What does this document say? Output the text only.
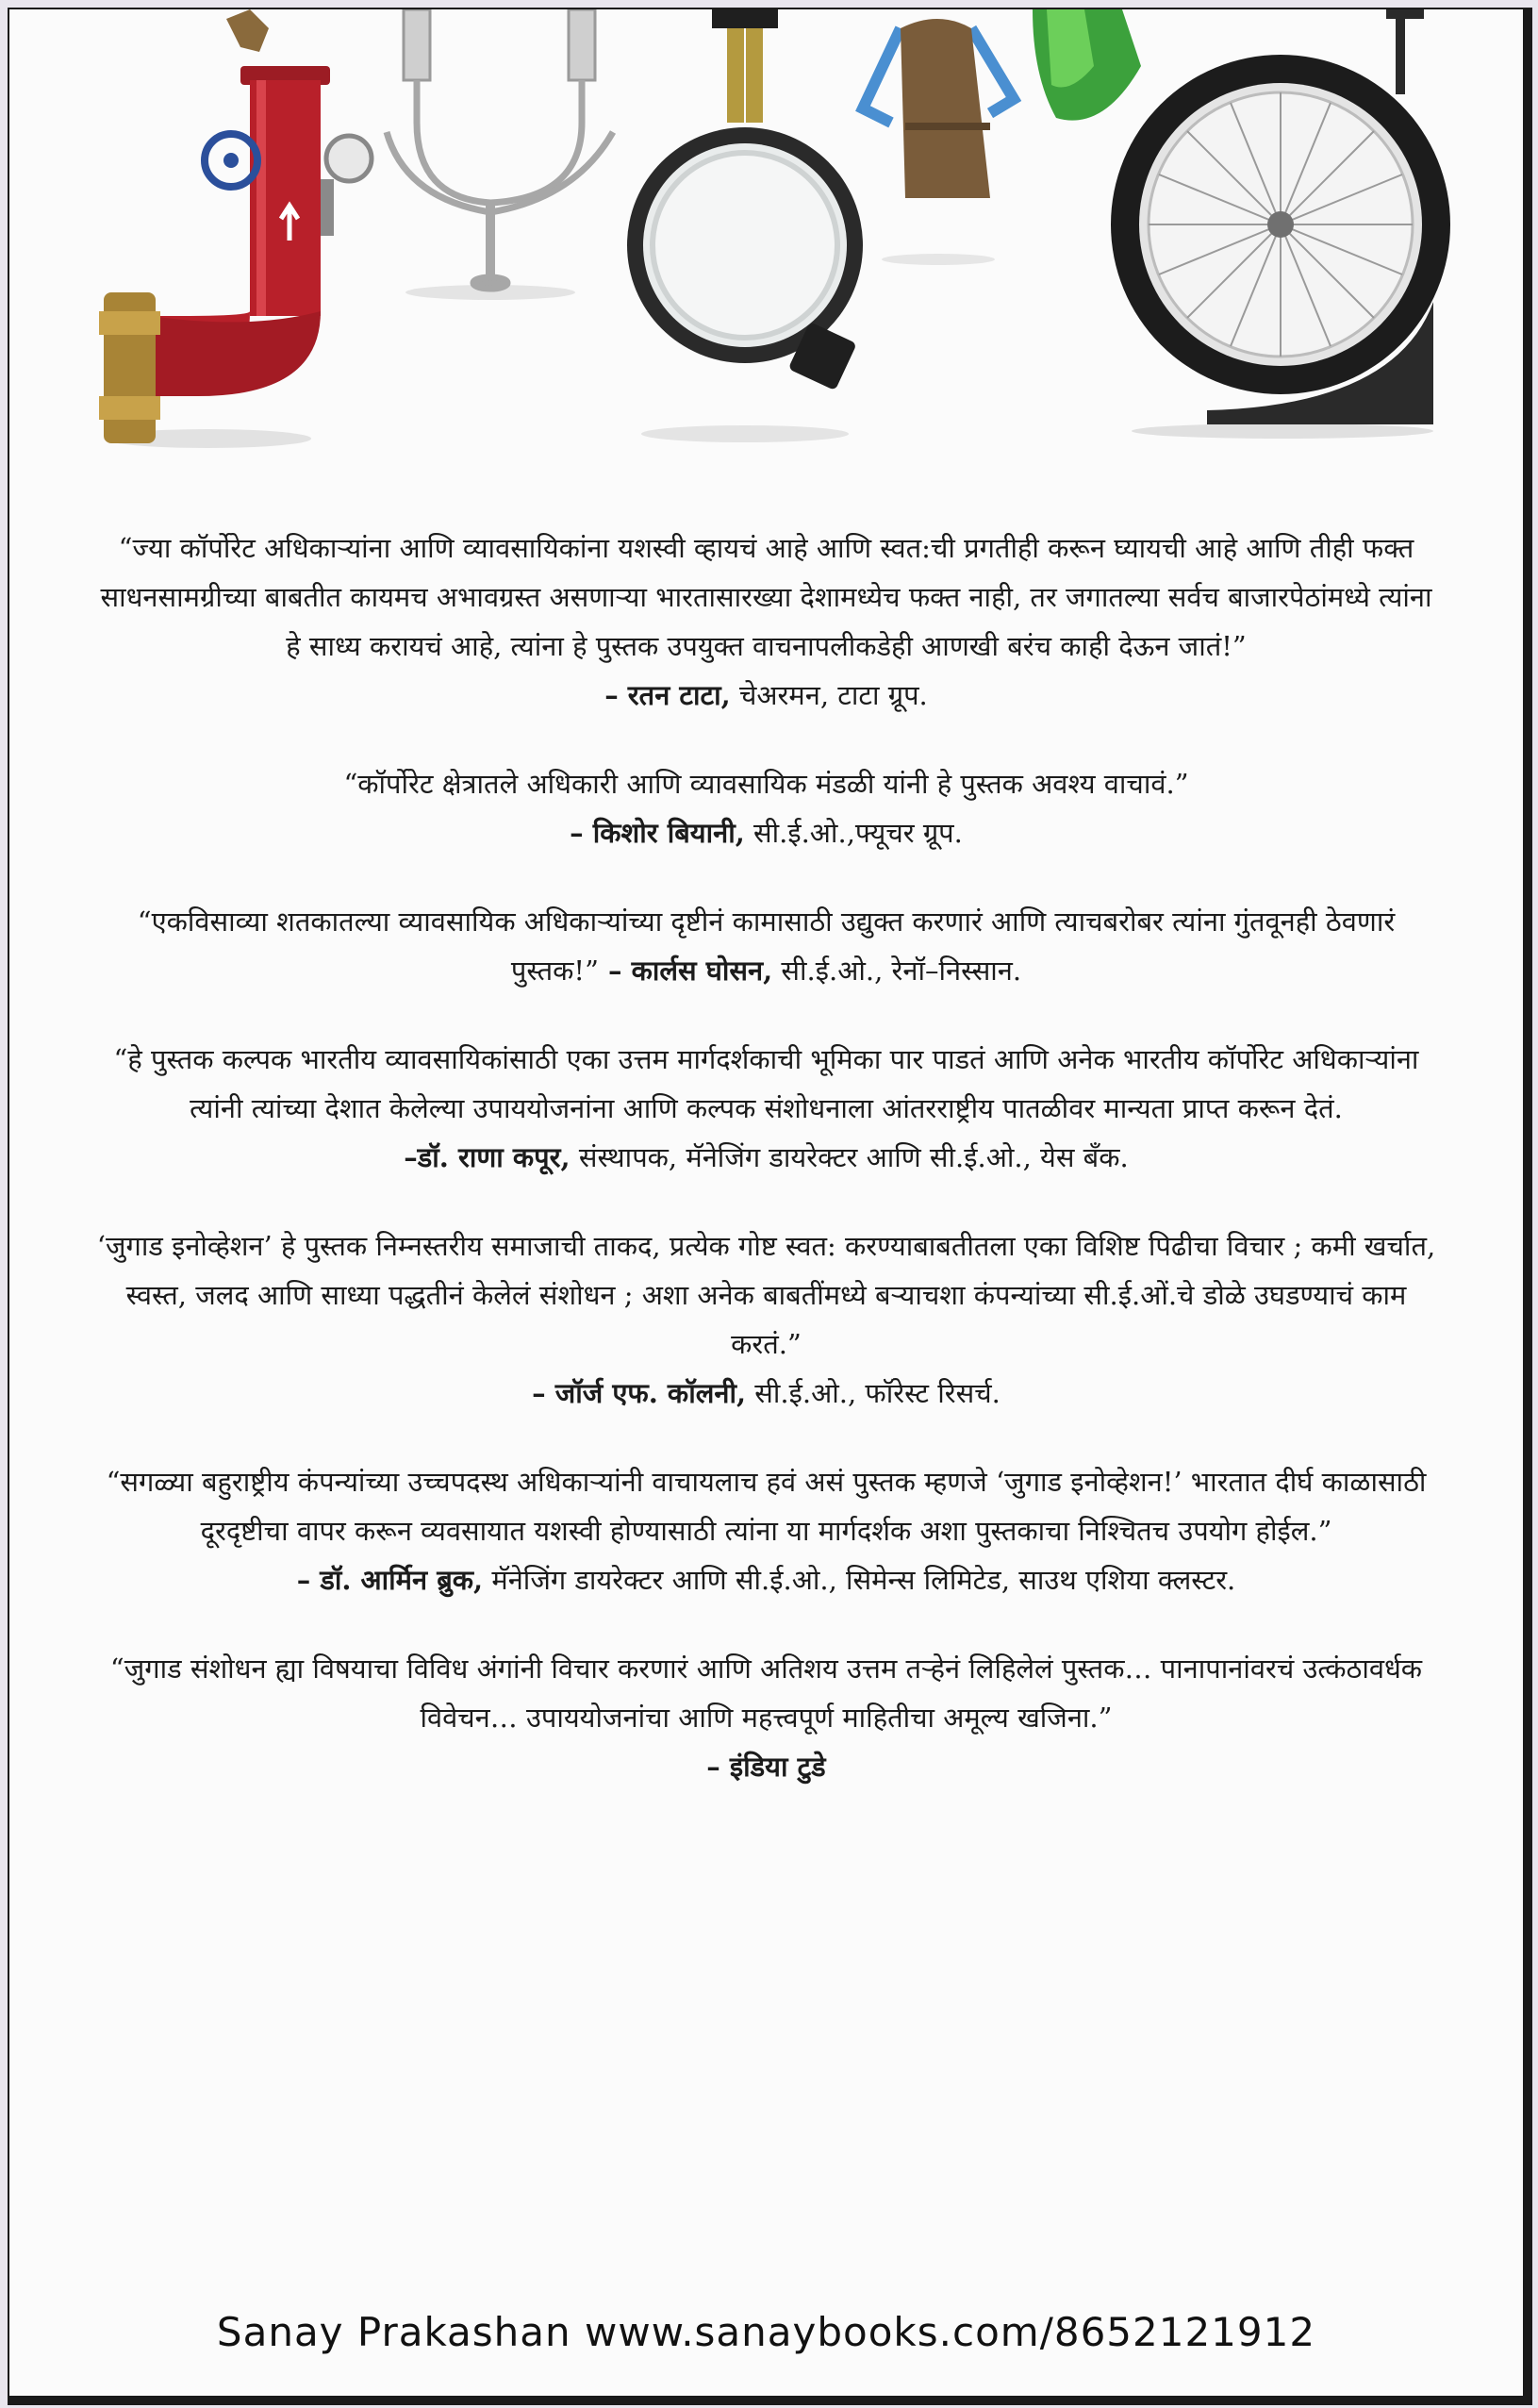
“ज्या कॉर्पोरेट अधिकाऱ्यांना आणि व्यावसायिकांना यशस्वी व्हायचं आहे आणि स्वत:ची प्रगतीही करून घ्यायची आहे आणि तीही फक्त साधनसामग्रीच्या बाबतीत कायमच अभावग्रस्त असणाऱ्या भारतासारख्या देशामध्येच फक्त नाही, तर जगातल्या सर्वच बाजारपेठांमध्ये त्यांना हे साध्य करायचं आहे, त्यांना हे पुस्तक उपयुक्त वाचनापलीकडेही आणखी बरंच काही देऊन जातं!”
– रतन टाटा, चेअरमन, टाटा ग्रूप.
“कॉर्पोरेट क्षेत्रातले अधिकारी आणि व्यावसायिक मंडळी यांनी हे पुस्तक अवश्य वाचावं.”
– किशोर बियानी, सी.ई.ओ.,फ्यूचर ग्रूप.
“एकविसाव्या शतकातल्या व्यावसायिक अधिकाऱ्यांच्या दृष्टीनं कामासाठी उद्युक्त करणारं आणि त्याचबरोबर त्यांना गुंतवूनही ठेवणारं पुस्तक!” – कार्लस घोसन, सी.ई.ओ., रेनॉ–निस्सान.
“हे पुस्तक कल्पक भारतीय व्यावसायिकांसाठी एका उत्तम मार्गदर्शकाची भूमिका पार पाडतं आणि अनेक भारतीय कॉर्पोरेट अधिकाऱ्यांना त्यांनी त्यांच्या देशात केलेल्या उपाययोजनांना आणि कल्पक संशोधनाला आंतरराष्ट्रीय पातळीवर मान्यता प्राप्त करून देतं.
–डॉ. राणा कपूर, संस्थापक, मॅनेजिंग डायरेक्टर आणि सी.ई.ओ., येस बँक.
‘जुगाड इनोव्हेशन’ हे पुस्तक निम्नस्तरीय समाजाची ताकद, प्रत्येक गोष्ट स्वत: करण्याबाबतीतला एका विशिष्ट पिढीचा विचार ; कमी खर्चात, स्वस्त, जलद आणि साध्या पद्धतीनं केलेलं संशोधन ; अशा अनेक बाबतींमध्ये बऱ्याचशा कंपन्यांच्या सी.ई.ओं.चे डोळे उघडण्याचं काम करतं.”
– जॉर्ज एफ. कॉलनी, सी.ई.ओ., फॉरेस्ट रिसर्च.
“सगळ्या बहुराष्ट्रीय कंपन्यांच्या उच्चपदस्थ अधिकाऱ्यांनी वाचायलाच हवं असं पुस्तक म्हणजे ‘जुगाड इनोव्हेशन!’ भारतात दीर्घ काळासाठी दूरदृष्टीचा वापर करून व्यवसायात यशस्वी होण्यासाठी त्यांना या मार्गदर्शक अशा पुस्तकाचा निश्चितच उपयोग होईल.”
– डॉ. आर्मिन ब्रुक, मॅनेजिंग डायरेक्टर आणि सी.ई.ओ., सिमेन्स लिमिटेड, साउथ एशिया क्लस्टर.
“जुगाड संशोधन ह्या विषयाचा विविध अंगांनी विचार करणारं आणि अतिशय उत्तम तऱ्हेनं लिहिलेलं पुस्तक… पानापानांवरचं उत्कंठावर्धक विवेचन… उपाययोजनांचा आणि महत्त्वपूर्ण माहितीचा अमूल्य खजिना.”
– इंडिया टुडे
Sanay Prakashan www.sanaybooks.com/8652121912
